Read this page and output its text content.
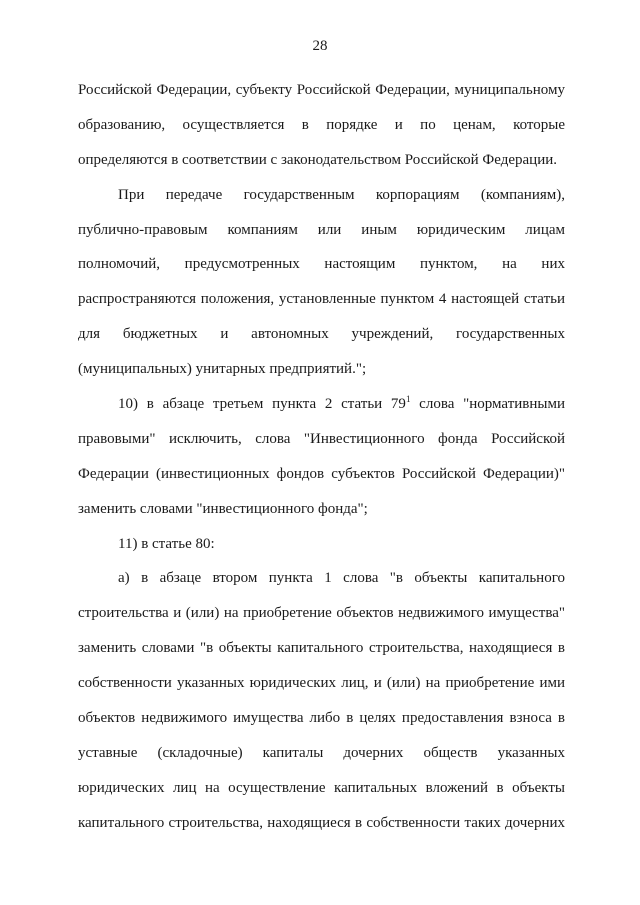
28
Российской Федерации, субъекту Российской Федерации, муниципальному
образованию, осуществляется в порядке и по ценам, которые
определяются в соответствии с законодательством Российской Федерации.
При передаче государственным корпорациям (компаниям),
публично-правовым компаниям или иным юридическим лицам
полномочий, предусмотренных настоящим пунктом, на них
распространяются положения, установленные пунктом 4 настоящей статьи
для бюджетных и автономных учреждений, государственных
(муниципальных) унитарных предприятий.";
10) в абзаце третьем пункта 2 статьи $79^1$ слова "нормативными
правовыми" исключить, слова "Инвестиционного фонда Российской
Федерации (инвестиционных фондов субъектов Российской Федерации)"
заменить словами "инвестиционного фонда";
11) в статье 80:
а) в абзаце втором пункта 1 слова "в объекты капитального
строительства и (или) на приобретение объектов недвижимого имущества"
заменить словами "в объекты капитального строительства, находящиеся в
собственности указанных юридических лиц, и (или) на приобретение ими
объектов недвижимого имущества либо в целях предоставления взноса в
уставные (складочные) капиталы дочерних обществ указанных
юридических лиц на осуществление капитальных вложений в объекты
капитального строительства, находящиеся в собственности таких дочерних
